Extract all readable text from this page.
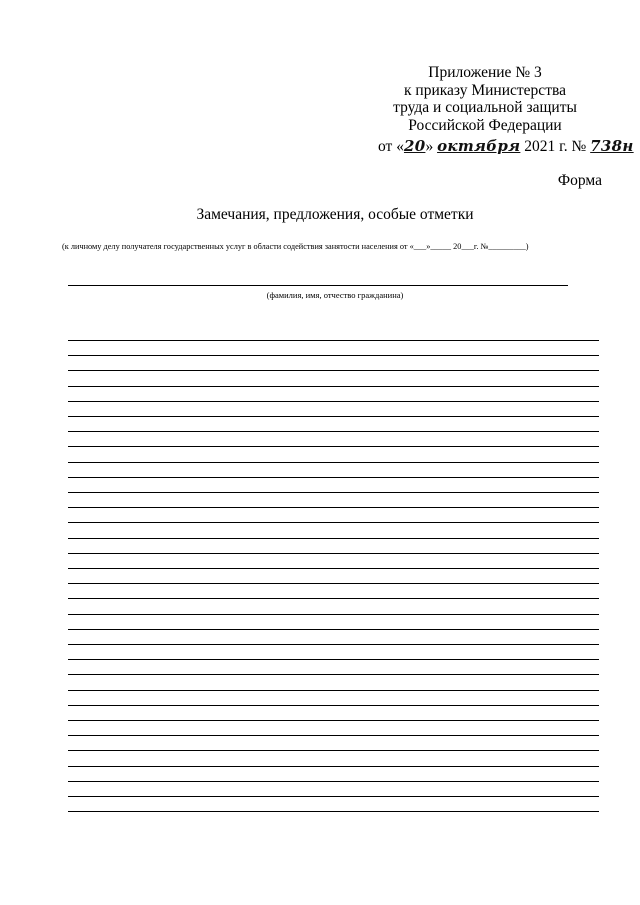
Приложение № 3
к приказу Министерства
труда и социальной защиты
Российской Федерации
от «20» октября 2021 г. № 738н
Форма
Замечания, предложения, особые отметки
(к личному делу получателя государственных услуг в области содействия занятости населения от «___»_____ 20___г. №_________)
(фамилия, имя, отчество гражданина)
